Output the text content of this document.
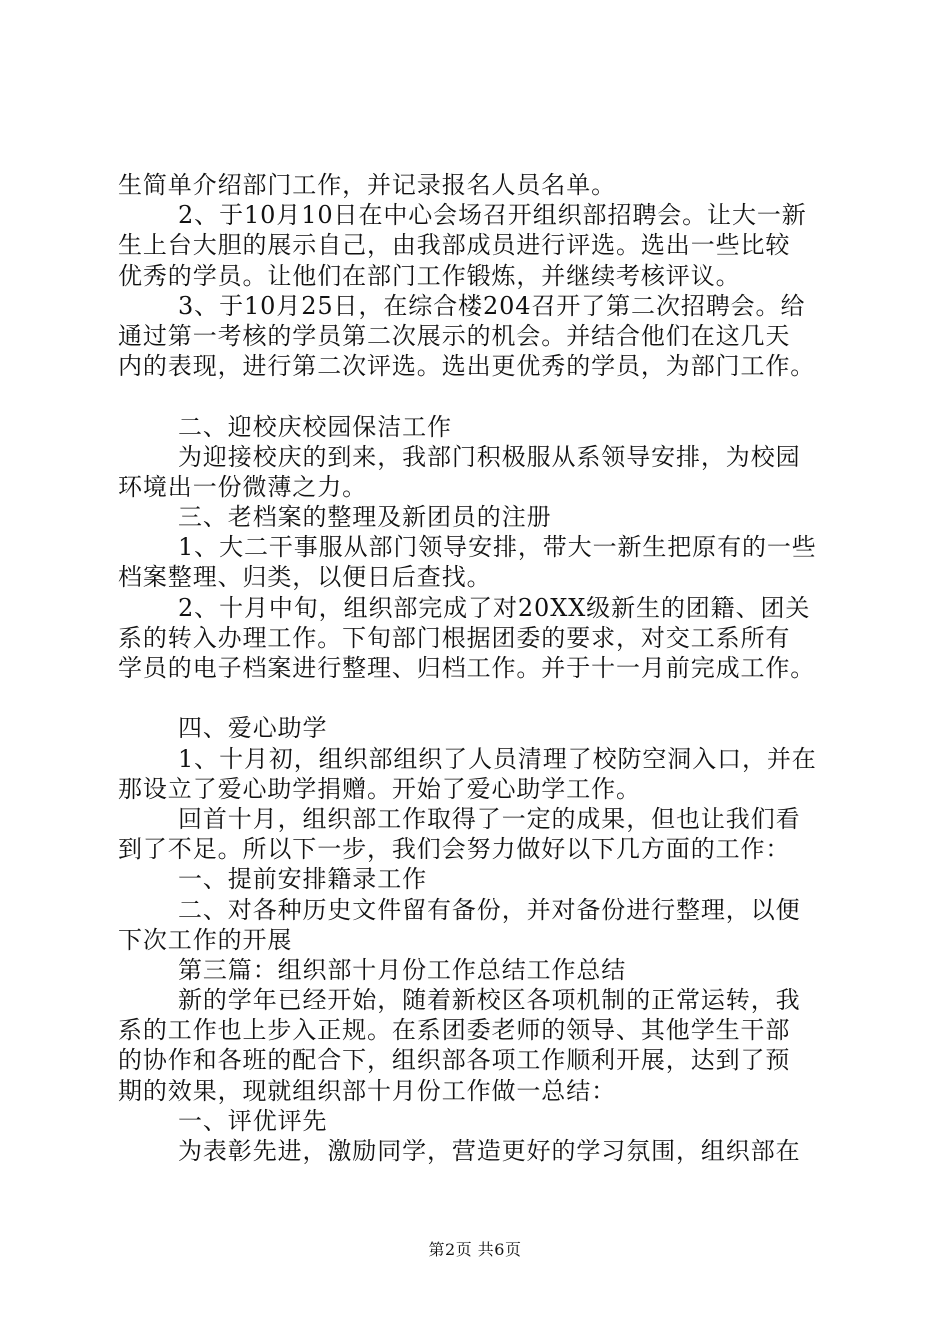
生简单介绍部门工作，并记录报名人员名单。
2、于10月10日在中心会场召开组织部招聘会。让大一新
生上台大胆的展示自己，由我部成员进行评选。选出一些比较
优秀的学员。让他们在部门工作锻炼，并继续考核评议。
3、于10月25日，在综合楼204召开了第二次招聘会。给
通过第一考核的学员第二次展示的机会。并结合他们在这几天
内的表现，进行第二次评选。选出更优秀的学员，为部门工作。
二、迎校庆校园保洁工作
为迎接校庆的到来，我部门积极服从系领导安排，为校园
环境出一份微薄之力。
三、老档案的整理及新团员的注册
1、大二干事服从部门领导安排，带大一新生把原有的一些
档案整理、归类，以便日后查找。
2、十月中旬，组织部完成了对20XX级新生的团籍、团关
系的转入办理工作。下旬部门根据团委的要求，对交工系所有
学员的电子档案进行整理、归档工作。并于十一月前完成工作。
四、爱心助学
1、十月初，组织部组织了人员清理了校防空洞入口，并在
那设立了爱心助学捐赠。开始了爱心助学工作。
回首十月，组织部工作取得了一定的成果，但也让我们看
到了不足。所以下一步，我们会努力做好以下几方面的工作：
一、提前安排籍录工作
二、对各种历史文件留有备份，并对备份进行整理，以便
下次工作的开展
第三篇：组织部十月份工作总结工作总结
新的学年已经开始，随着新校区各项机制的正常运转，我
系的工作也上步入正规。在系团委老师的领导、其他学生干部
的协作和各班的配合下，组织部各项工作顺利开展，达到了预
期的效果，现就组织部十月份工作做一总结：
一、评优评先
为表彰先进，激励同学，营造更好的学习氛围，组织部在
第2页 共6页
